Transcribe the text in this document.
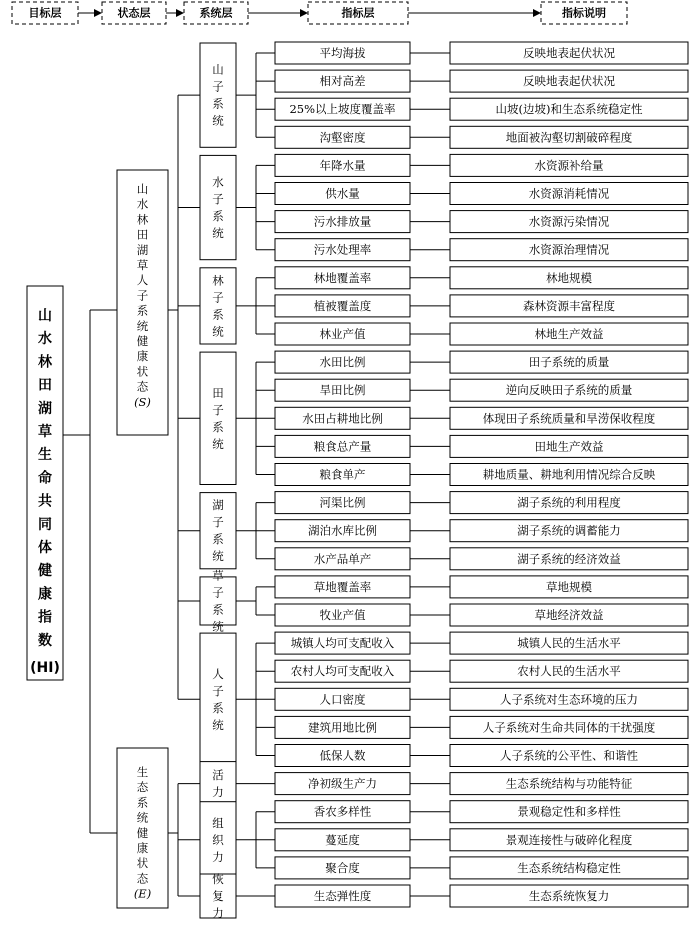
目标层	状态层	系统层	指标层	指标说明
山水林田湖草生命共同体健康指数
(HI)
平均海拔	反映地表起伏状况
相对高差	反映地表起伏状况
25%以上坡度覆盖率	山坡(边坡)和生态系统稳定性
沟壑密度	地面被沟壑切割破碎程度
山子系统
年降水量	水资源补给量
供水量	水资源消耗情况
污水排放量	水资源污染情况
污水处理率	水资源治理情况
水子系统
林地覆盖率	林地规模
植被覆盖度	森林资源丰富程度
林业产值	林地生产效益
林子系统
水田比例	田子系统的质量
旱田比例	逆向反映田子系统的质量
水田占耕地比例	体现田子系统质量和旱涝保收程度
粮食总产量	田地生产效益
粮食单产	耕地质量、耕地利用情况综合反映
田子系统
河渠比例	湖子系统的利用程度
湖泊水库比例	湖子系统的调蓄能力
水产品单产	湖子系统的经济效益
湖子系统
草地覆盖率	草地规模
牧业产值	草地经济效益
草子系统
城镇人均可支配收入	城镇人民的生活水平
农村人均可支配收入	农村人民的生活水平
人口密度	人子系统对生态环境的压力
建筑用地比例	人子系统对生命共同体的干扰强度
低保人数	人子系统的公平性、和谐性
人子系统
山水林田湖草人子系统健康状态
(S)
净初级生产力	生态系统结构与功能特征
活力
香农多样性	景观稳定性和多样性
蔓延度	景观连接性与破碎化程度
聚合度	生态系统结构稳定性
组织力
生态弹性度	生态系统恢复力
恢复力
生态系统健康状态
(E)
